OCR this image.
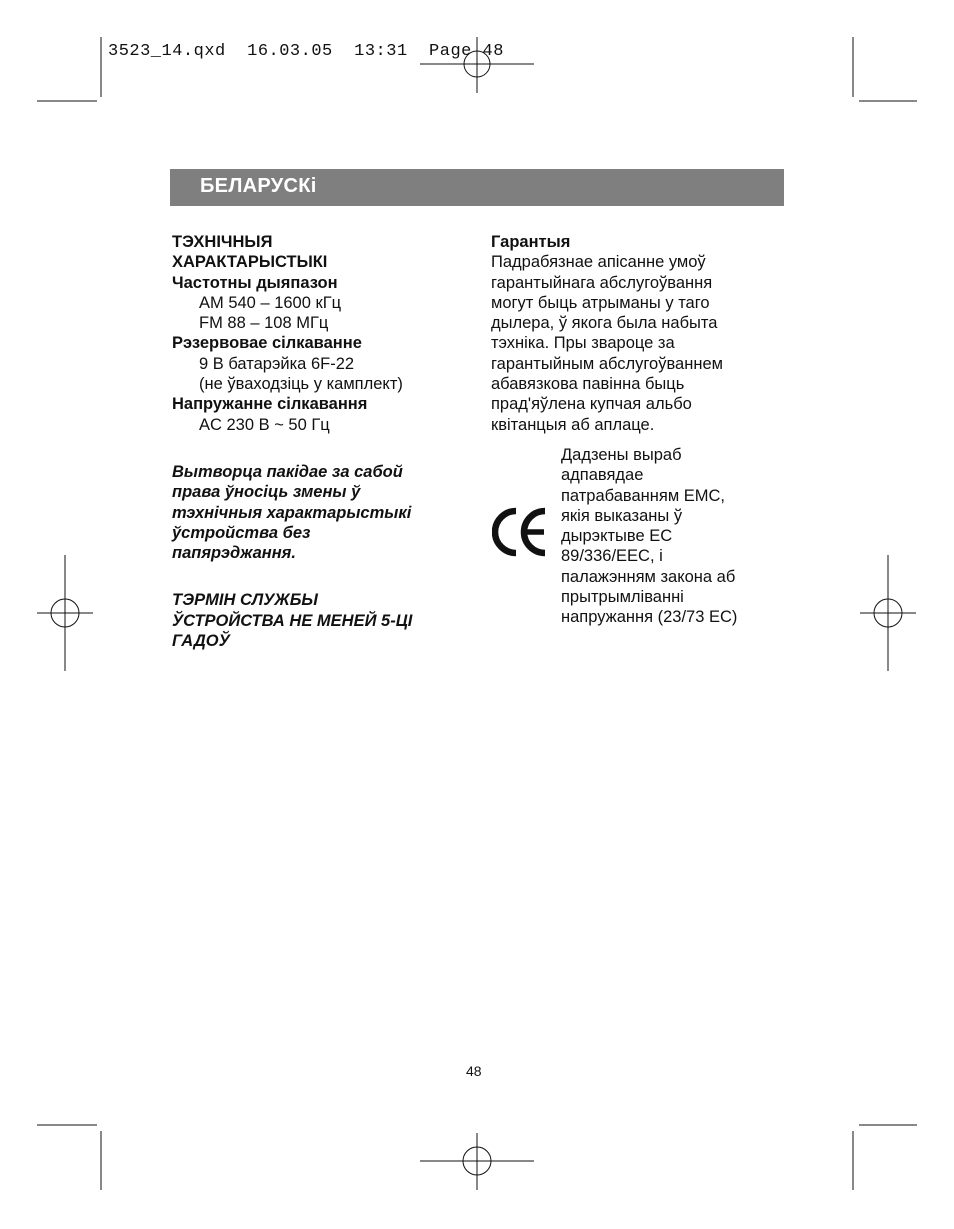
3523_14.qxd  16.03.05  13:31  Page 48
БЕЛАРУСКі
ТЭХНІЧНЫЯ
ХАРАКТАРЫСТЫКІ
Частотны дыяпазон
AM 540 – 1600 кГц
FM 88 – 108 МГц
Рэзервовае сілкаванне
9 В батарэйка 6F-22
(не ўваходзіць у камплект)
Напружанне сілкавання
AC 230 В ~ 50 Гц
Вытворца пакідае за сабой
права ўносіць змены ў
тэхнічныя характарыстыкі
ўстройства без
папярэджання.
ТЭРМІН СЛУЖБЫ
ЎСТРОЙСТВА НЕ МЕНЕЙ 5-ЦІ
ГАДОЎ
Гарантыя
Падрабязнае апісанне умоў
гарантыйнага абслугоўвання
могут быць атрыманы у таго
дылера, ў якога была набыта
тэхніка. Пры звароце за
гарантыйным абслугоўваннем
абавязкова павінна быць
прад'яўлена купчая альбо
квітанцыя аб аплаце.
Дадзены выраб
адпавядае
патрабаванням EMC,
якія выказаны ў
дырэктыве ЕС
89/336/EEC, і
палажэнням закона аб
прытрымліванні
напружання (23/73 ЕС)
48
